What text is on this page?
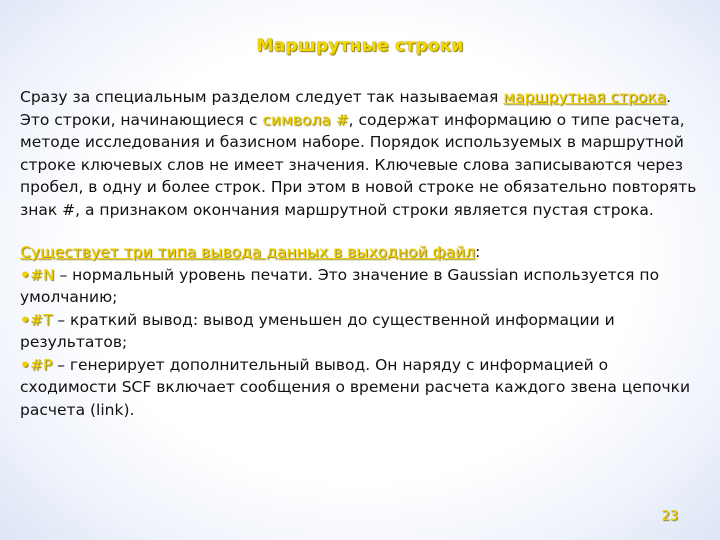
Маршрутные строки

Сразу за специальным разделом следует так называемая маршрутная строка. Это строки, начинающиеся с символа #, содержат информацию о типе расчета, методе исследования и базисном наборе. Порядок используемых в маршрутной строке ключевых слов не имеет значения. Ключевые слова записываются через пробел, в одну и более строк. При этом в новой строке не обязательно повторять знак #, а признаком окончания маршрутной строки является пустая строка.

Существует три типа вывода данных в выходной файл:

•#N – нормальный уровень печати. Это значение в Gaussian используется по умолчанию;

•#T – краткий вывод: вывод уменьшен до существенной информации и результатов;

•#P – генерирует дополнительный вывод. Он наряду с информацией о сходимости SCF включает сообщения о времени расчета каждого звена цепочки расчета (link).

23
